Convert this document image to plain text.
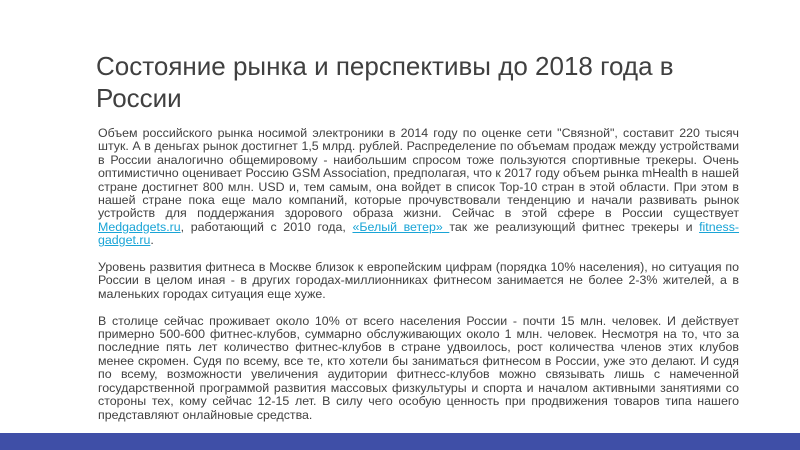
Состояние рынка и перспективы до 2018 года в России

Объем российского рынка носимой электроники в 2014 году по оценке сети "Связной", составит 220 тысяч штук. А в деньгах рынок достигнет 1,5 млрд. рублей. Распределение по объемам продаж между устройствами в России аналогично общемировому - наибольшим спросом тоже пользуются спортивные трекеры. Очень оптимистично оценивает Россию GSM Association, предполагая, что к 2017 году объем рынка mHealth в нашей стране достигнет 800 млн. USD и, тем самым, она войдет в список Top-10 стран в этой области. При этом в нашей стране пока еще мало компаний, которые прочувствовали тенденцию и начали развивать рынок устройств для поддержания здорового образа жизни. Сейчас в этой сфере в России существует Medgadgets.ru, работающий с 2010 года, «Белый ветер» так же реализующий фитнес трекеры и fitness-gadget.ru.

Уровень развития фитнеса в Москве близок к европейским цифрам (порядка 10% населения), но ситуация по России в целом иная - в других городах-миллионниках фитнесом занимается не более 2-3% жителей, а в маленьких городах ситуация еще хуже.

В столице сейчас проживает около 10% от всего населения России - почти 15 млн. человек. И действует примерно 500-600 фитнес-клубов, суммарно обслуживающих около 1 млн. человек. Несмотря на то, что за последние пять лет количество фитнес-клубов в стране удвоилось, рост количества членов этих клубов менее скромен. Судя по всему, все те, кто хотели бы заниматься фитнесом в России, уже это делают. И судя по всему, возможности увеличения аудитории фитнесс-клубов можно связывать лишь с намеченной государственной программой развития массовых физкультуры и спорта и началом активными занятиями со стороны тех, кому сейчас 12-15 лет. В силу чего особую ценность при продвижения товаров типа нашего представляют онлайновые средства.
